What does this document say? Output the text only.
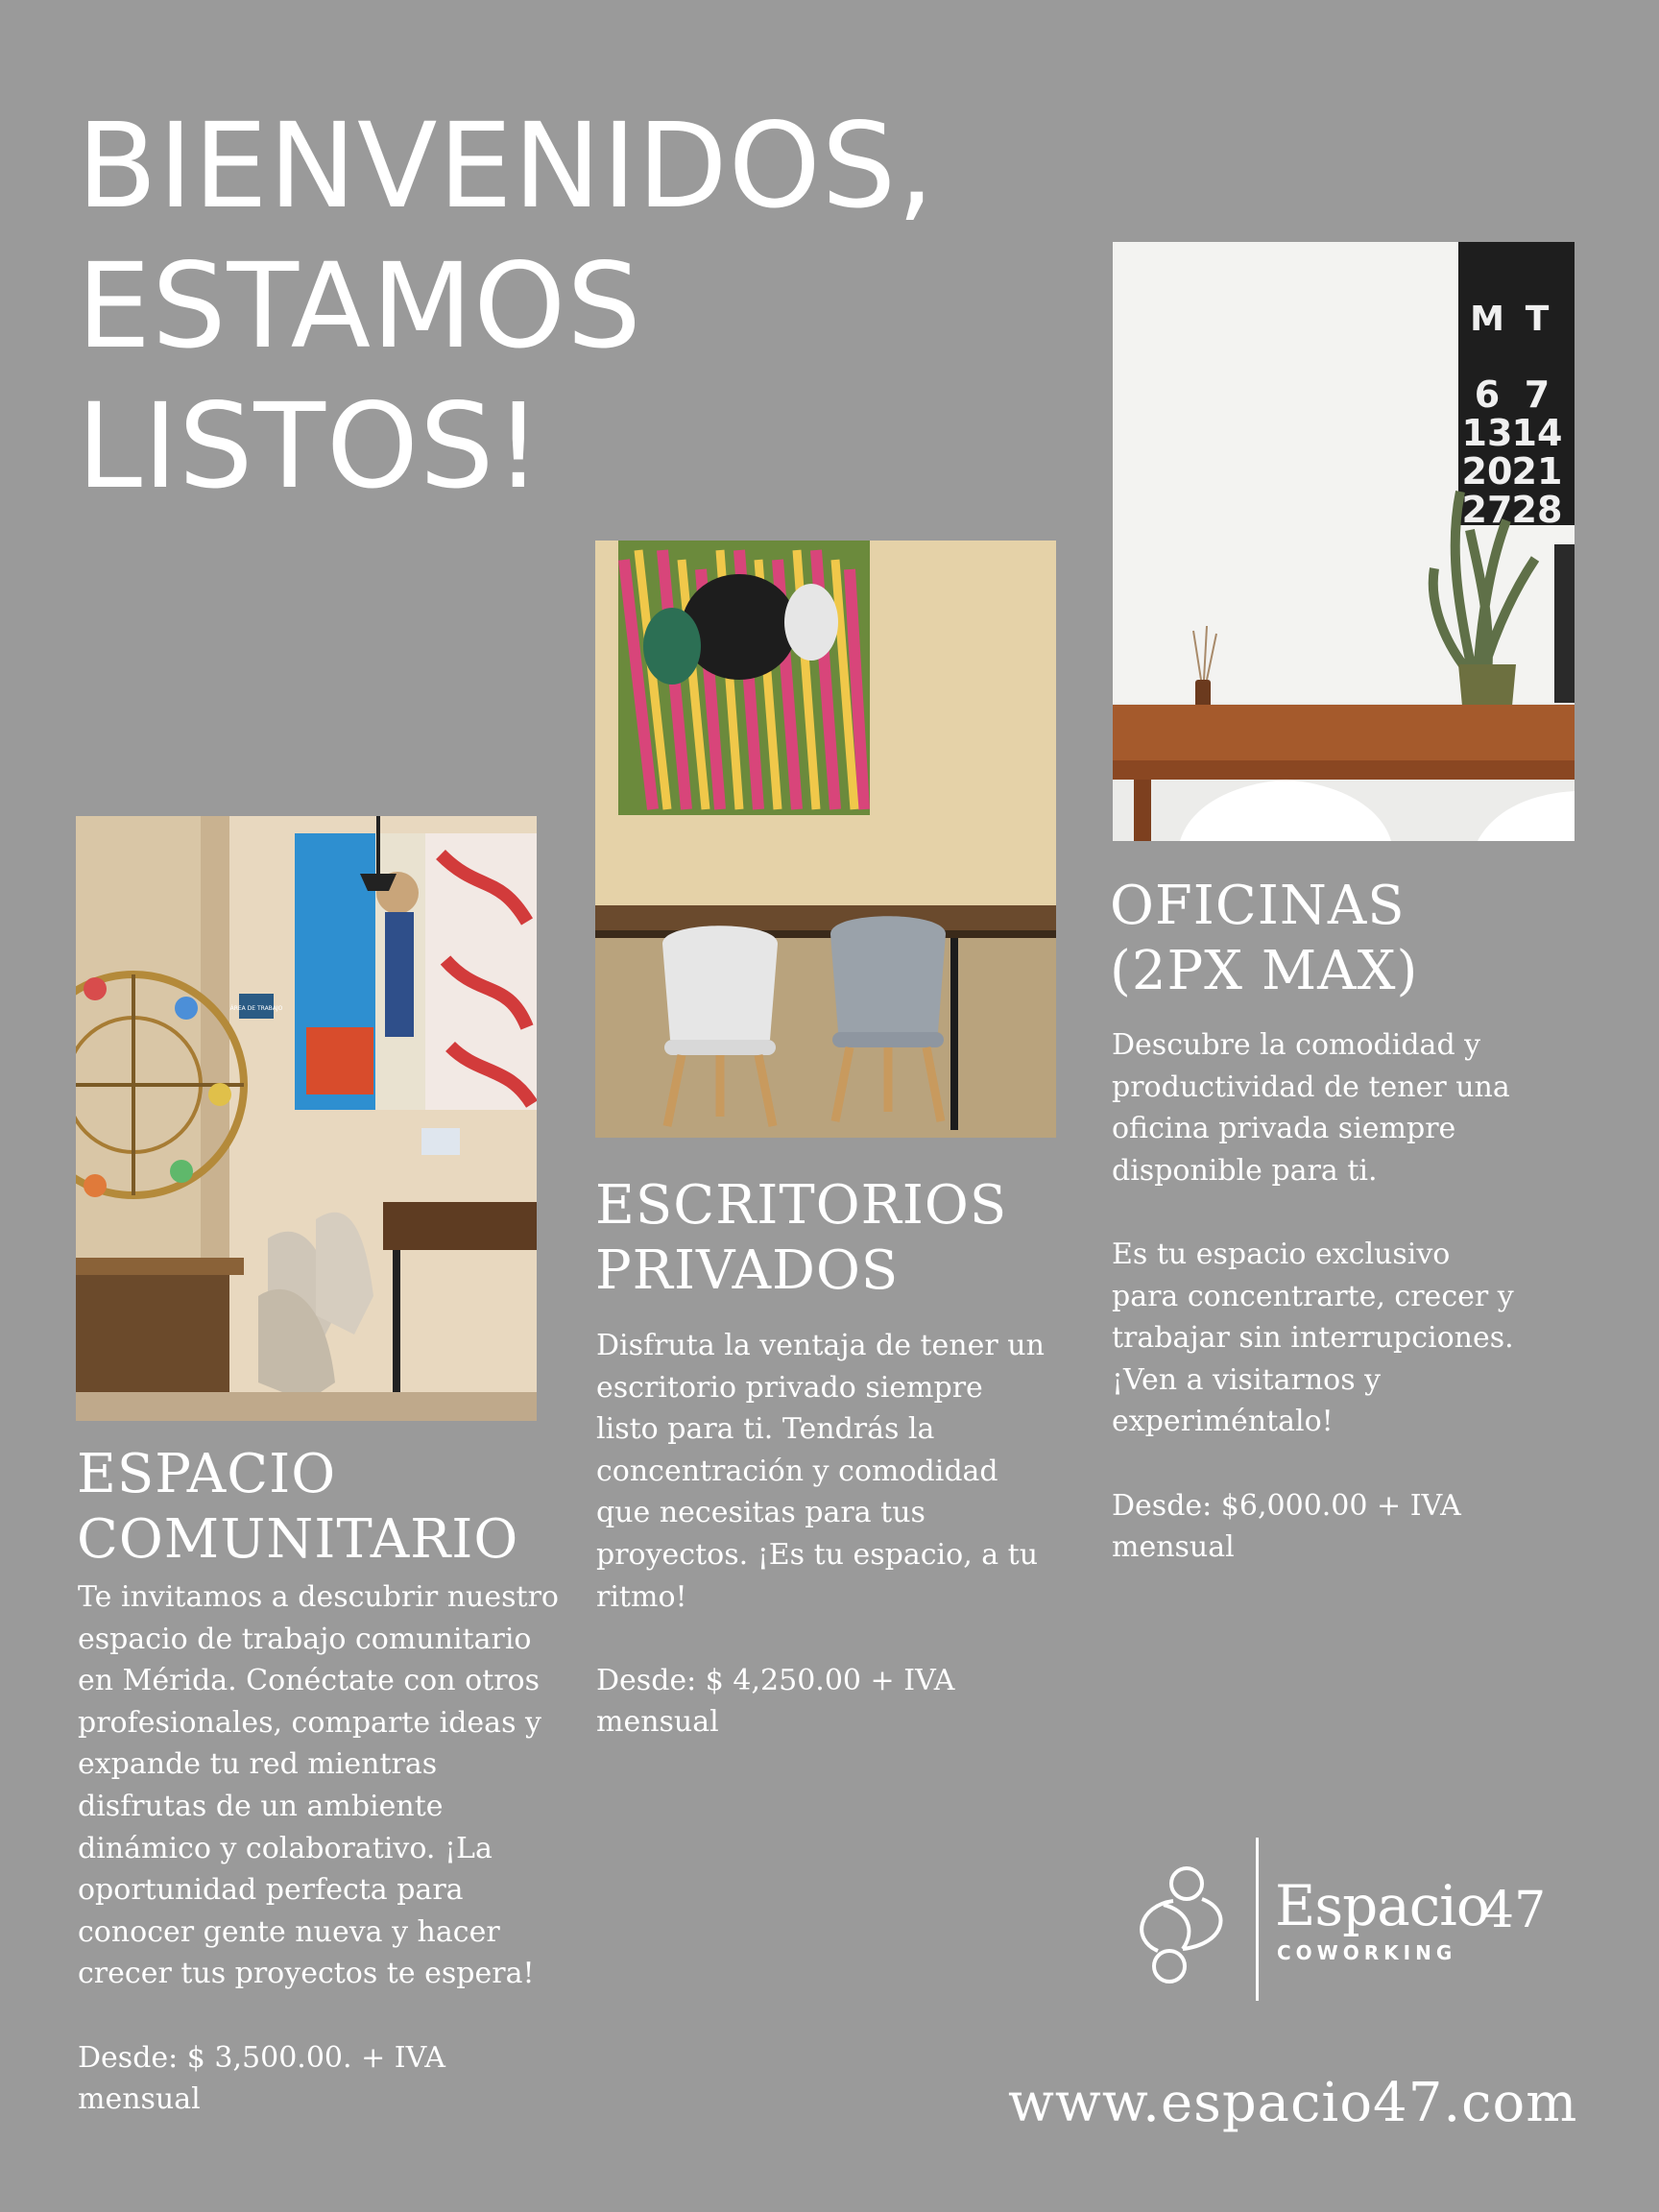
BIENVENIDOS,
ESTAMOS
LISTOS!
ÁREA DE TRABAJO
M T
6 7
13 14
20 21
27 28
ESPACIO
COMUNITARIO

Te invitamos a descubrir nuestro

espacio de trabajo comunitario

en Mérida. Conéctate con otros

profesionales, comparte ideas y

expande tu red mientras

disfrutas de un ambiente

dinámico y colaborativo. ¡La

oportunidad perfecta para

conocer gente nueva y hacer

crecer tus proyectos te espera!

Desde: $ 3,500.00. + IVA

mensual

ESCRITORIOS
PRIVADOS

Disfruta la ventaja de tener un

escritorio privado siempre

listo para ti. Tendrás la

concentración y comodidad

que necesitas para tus

proyectos. ¡Es tu espacio, a tu

ritmo!

Desde: $ 4,250.00 + IVA

mensual

OFICINAS
(2PX MAX)

Descubre la comodidad y

productividad de tener una

oficina privada siempre

disponible para ti.

Es tu espacio exclusivo

para concentrarte, crecer y

trabajar sin interrupciones.

¡Ven a visitarnos y

experiméntalo!

Desde: $6,000.00 + IVA

mensual

Espacio
47
COWORKING
www.espacio47.com
